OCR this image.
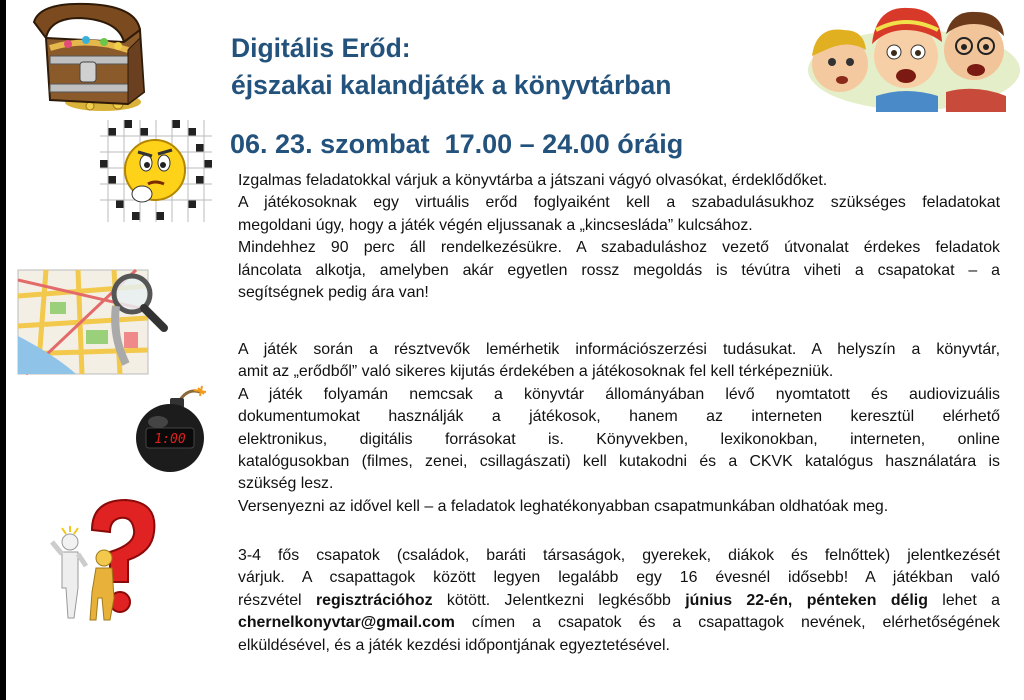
Digitális Erőd:
éjszakai kalandjáték a könyvtárban
06. 23. szombat  17.00 – 24.00 óráig

Izgalmas feladatokkal várjuk a könyvtárba a játszani vágyó olvasókat, érdeklődőket.

A játékosoknak egy virtuális erőd foglyaiként kell a szabadulásukhoz szükséges feladatokat

megoldani úgy, hogy a játék végén eljussanak a „kincsesláda” kulcsához.

Mindehhez 90 perc áll rendelkezésükre. A szabaduláshoz vezető útvonalat érdekes feladatok

láncolata alkotja, amelyben akár egyetlen rossz megoldás is tévútra viheti a csapatokat – a

segítségnek pedig ára van!

A játék során a résztvevők lemérhetik információszerzési tudásukat. A helyszín a könyvtár,

amit az „erődből” való sikeres kijutás érdekében a játékosoknak fel kell térképezniük.

A játék folyamán nemcsak a könyvtár állományában lévő nyomtatott és audiovizuális

dokumentumokat használják a játékosok, hanem az interneten keresztül elérhető

elektronikus, digitális forrásokat is. Könyvekben, lexikonokban, interneten, online

katalógusokban (filmes, zenei, csillagászati) kell kutakodni és a CKVK katalógus használatára is

szükség lesz.

Versenyezni az idővel kell – a feladatok leghatékonyabban csapatmunkában oldhatóak meg.

3-4 fős csapatok (családok, baráti társaságok, gyerekek, diákok és felnőttek) jelentkezését

várjuk. A csapattagok között legyen legalább egy 16 évesnél idősebb! A játékban való

részvétel regisztrációhoz kötött. Jelentkezni legkésőbb június 22-én, pénteken délig lehet a

chernelkonyvtar@gmail.com címen a csapatok és a csapattagok nevének, elérhetőségének

elküldésével, és a játék kezdési időpontjának egyeztetésével.

1:00
